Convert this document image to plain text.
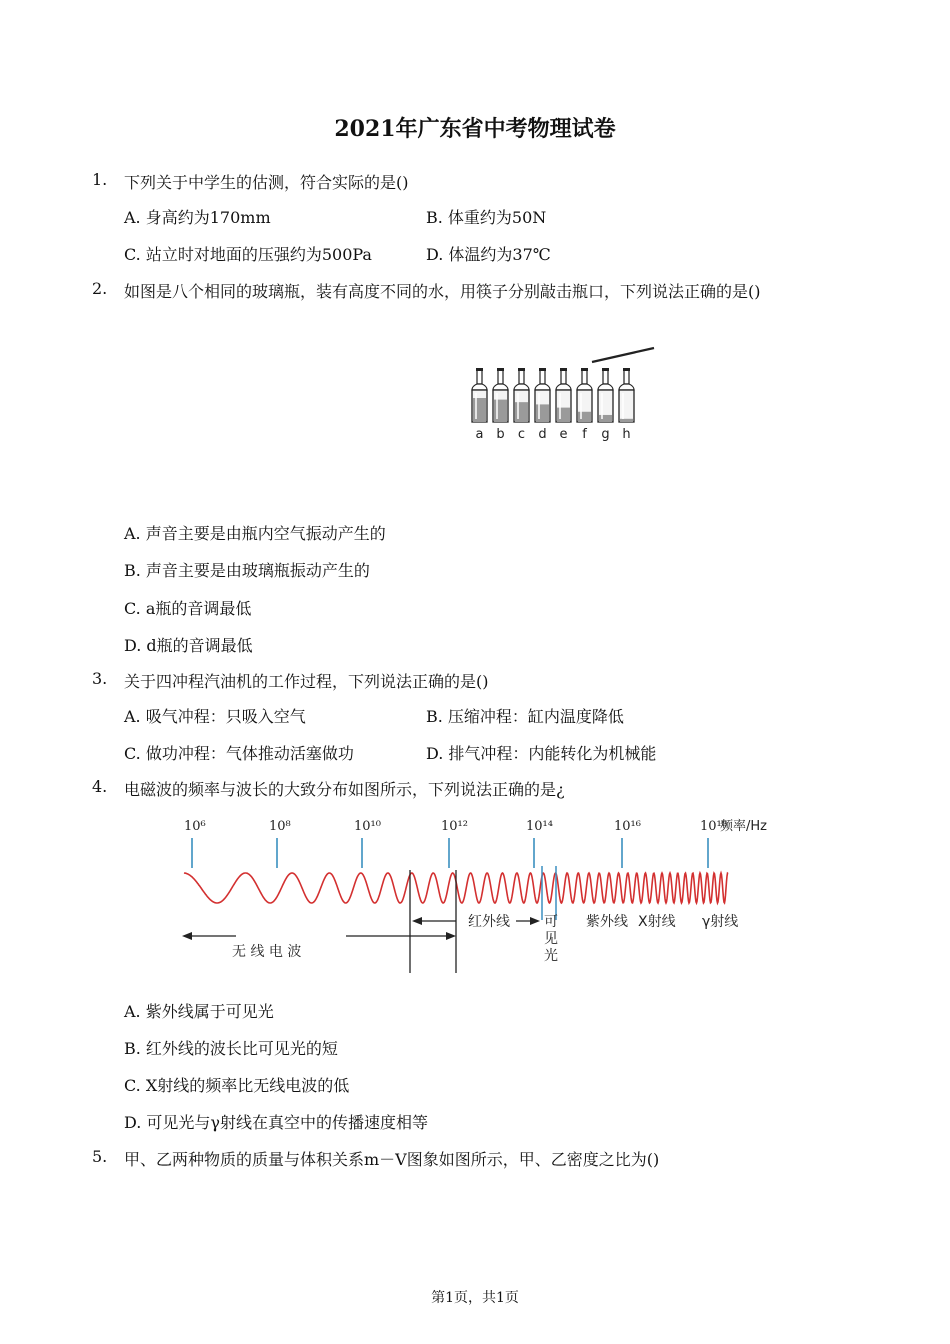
2021年广东省中考物理试卷
1. 下列关于中学生的估测，符合实际的是()
A. 身高约为170mm	B. 体重约为50N
C. 站立时对地面的压强约为500Pa	D. 体温约为37℃
2. 如图是八个相同的玻璃瓶，装有高度不同的水，用筷子分别敲击瓶口，下列说法正确的是()
a b c d e f g h
A. 声音主要是由瓶内空气振动产生的
B. 声音主要是由玻璃瓶振动产生的
C. a瓶的音调最低
D. d瓶的音调最低
3. 关于四冲程汽油机的工作过程，下列说法正确的是()
A. 吸气冲程：只吸入空气	B. 压缩冲程：缸内温度降低
C. 做功冲程：气体推动活塞做功	D. 排气冲程：内能转化为机械能
4. 电磁波的频率与波长的大致分布如图所示，下列说法正确的是¿
10⁶	10⁸	10¹⁰	10¹²	10¹⁴	10¹⁶	10¹⁸
频率/Hz
红外线 可
见
光
紫外线 X射线 γ射线
无 线 电 波
A. 紫外线属于可见光
B. 红外线的波长比可见光的短
C. X射线的频率比无线电波的低
D. 可见光与γ射线在真空中的传播速度相等
5. 甲、乙两种物质的质量与体积关系m－V图象如图所示，甲、乙密度之比为()
第1页，共1页
